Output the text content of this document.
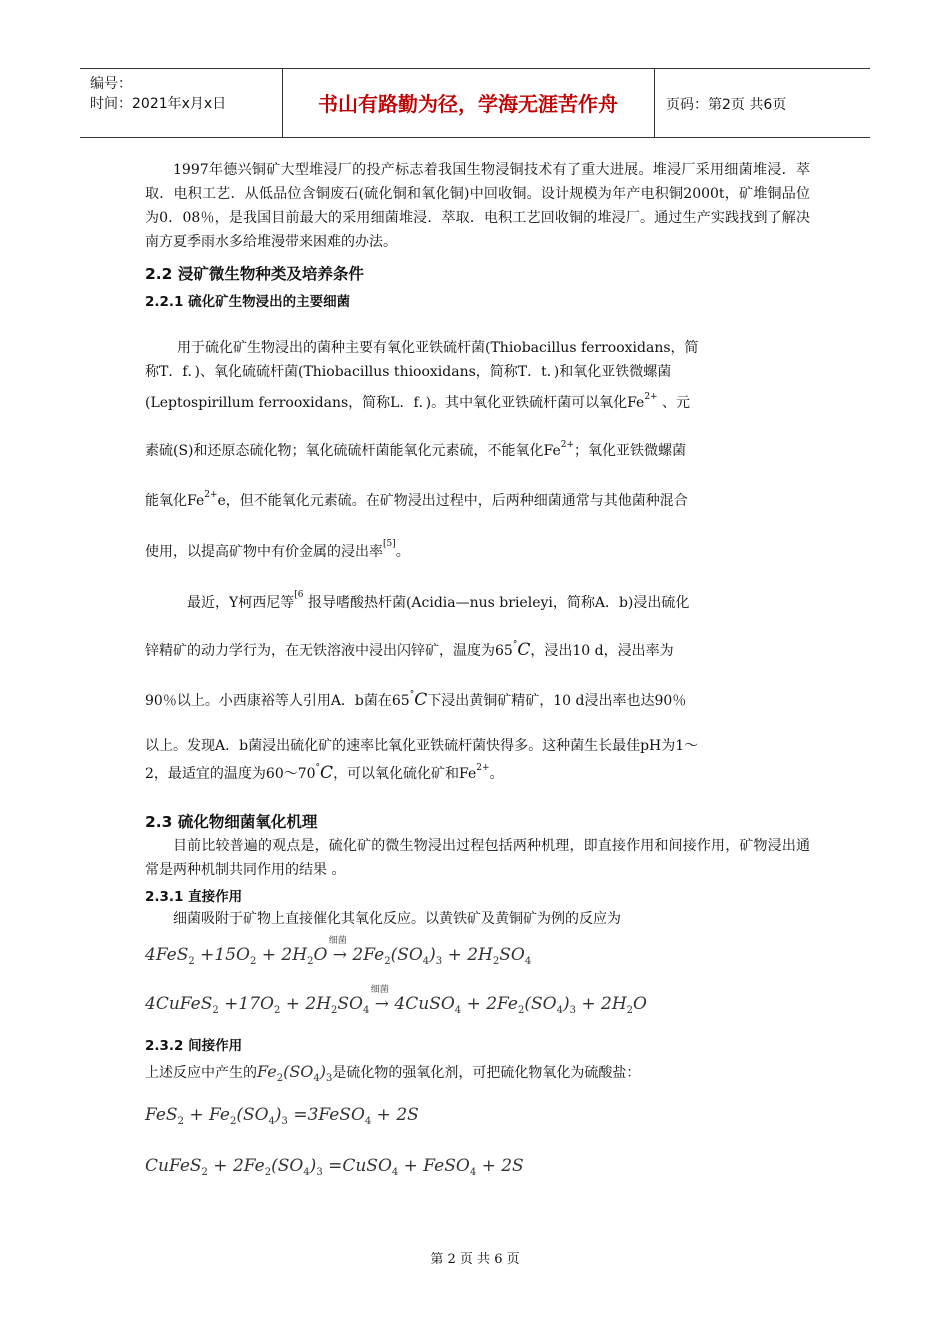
编号：
时间：2021年x月x日	书山有路勤为径，学海无涯苦作舟	页码：第2页 共6页
1997年德兴铜矿大型堆浸厂的投产标志着我国生物浸铜技术有了重大进展。堆浸厂采用细菌堆浸．萃取．电积工艺．从低品位含铜废石(硫化铜和氧化铜)中回收铜。设计规模为年产电积铜2000t，矿堆铜品位为0．08％，是我国目前最大的采用细菌堆浸．萃取．电积工艺回收铜的堆浸厂。通过生产实践找到了解决南方夏季雨水多给堆漫带来困难的办法。
2.2 浸矿微生物种类及培养条件
2.2.1 硫化矿生物浸出的主要细菌
用于硫化矿生物浸出的菌种主要有氧化亚铁硫杆菌(Thiobacillus ferrooxidans，简
称T．f．)、氧化硫硫杆菌(Thiobacillus thiooxidans，简称T．t．)和氧化亚铁微螺菌
(Leptospirillum ferrooxidans，简称L．f．)。其中氧化亚铁硫杆菌可以氧化$Fe^{2+}$ 、元
素硫(S)和还原态硫化物；氧化硫硫杆菌能氧化元素硫，不能氧化$Fe^{2+}$；氧化亚铁微螺菌
能氧化$Fe^{2+}e$，但不能氧化元素硫。在矿物浸出过程中，后两种细菌通常与其他菌种混合
使用，以提高矿物中有价金属的浸出率[5]。
最近，Y柯西尼等$^{[6}$ 报导嗜酸热杆菌(Acidia—nus brieleyi，简称A．b)浸出硫化
锌精矿的动力学行为，在无铁溶液中浸出闪锌矿，温度为65°C，浸出10 d，浸出率为
90％以上。小西康裕等人引用A．b菌在65°C下浸出黄铜矿精矿，10 d浸出率也达90％
以上。发现A．b菌浸出硫化矿的速率比氧化亚铁硫杆菌快得多。这种菌生长最佳pH为1～
2，最适宜的温度为60～70°C，可以氧化硫化矿和$Fe^{2+}$。
2.3 硫化物细菌氧化机理
目前比较普遍的观点是，硫化矿的微生物浸出过程包括两种机理，即直接作用和间接作用，矿物浸出通常是两种机制共同作用的结果 。
2.3.1 直接作用
细菌吸附于矿物上直接催化其氧化反应。以黄铁矿及黄铜矿为例的反应为
$4FeS_2 +15O_2 + 2H_2O$ →
细菌
$2Fe_2(SO_4)_3 + 2H_2SO_4$
4CuFeS$_2$ $+17O_2 + 2H_2SO_4$ →
细菌
4CuSO$_4$ + $2Fe_2(SO_4)_3 + 2H_2O$
2.3.2 间接作用
上述反应中产生的$Fe_2(SO_4)_3$是硫化物的强氧化剂，可把硫化物氧化为硫酸盐：
$FeS_2 + Fe_2(SO_4)_3$ =3FeSO$_4$ + 2S
CuFeS$_2$ + $2Fe_2(SO_4)_3$ =CuSO$_4$ + FeSO$_4$ + 2S
第 2 页 共 6 页
